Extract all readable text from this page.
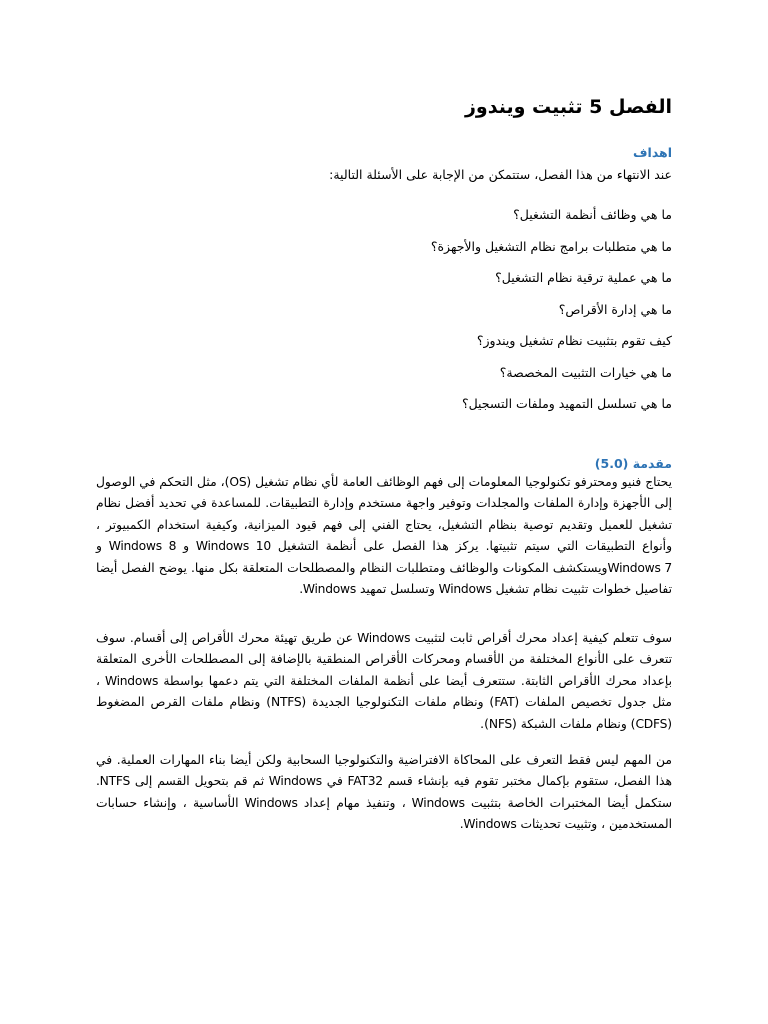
الفصل 5 تثبيت ويندوز
اهداف

عند الانتهاء من هذا الفصل، ستتمكن من الإجابة على الأسئلة التالية:

ما هي وظائف أنظمة التشغيل؟
ما هي متطلبات برامج نظام التشغيل والأجهزة؟
ما هي عملية ترقية نظام التشغيل؟
ما هي إدارة الأقراص؟
كيف تقوم بتثبيت نظام تشغيل ويندوز؟
ما هي خيارات التثبيت المخصصة؟
ما هي تسلسل التمهيد وملفات التسجيل؟
مقدمة (5.0)

يحتاج فنيو ومحترفو تكنولوجيا المعلومات إلى فهم الوظائف العامة لأي نظام تشغيل (OS)، مثل التحكم في الوصول إلى الأجهزة وإدارة الملفات والمجلدات وتوفير واجهة مستخدم وإدارة التطبيقات. للمساعدة في تحديد أفضل نظام تشغيل للعميل وتقديم توصية بنظام التشغيل، يحتاج الفني إلى فهم قيود الميزانية، وكيفية استخدام الكمبيوتر ، وأنواع التطبيقات التي سيتم تثبيتها. يركز هذا الفصل على أنظمة التشغيل Windows 10 و Windows 8 و Windows 7ويستكشف المكونات والوظائف ومتطلبات النظام والمصطلحات المتعلقة بكل منها. يوضح الفصل أيضا تفاصيل خطوات تثبيت نظام تشغيل Windows وتسلسل تمهيد Windows.

سوف تتعلم كيفية إعداد محرك أقراص ثابت لتثبيت Windows عن طريق تهيئة محرك الأقراص إلى أقسام. سوف تتعرف على الأنواع المختلفة من الأقسام ومحركات الأقراص المنطقية بالإضافة إلى المصطلحات الأخرى المتعلقة بإعداد محرك الأقراص الثابتة. ستتعرف أيضا على أنظمة الملفات المختلفة التي يتم دعمها بواسطة Windows ، مثل جدول تخصيص الملفات (FAT) ونظام ملفات التكنولوجيا الجديدة (NTFS) ونظام ملفات القرص المضغوط (CDFS) ونظام ملفات الشبكة (NFS).

من المهم ليس فقط التعرف على المحاكاة الافتراضية والتكنولوجيا السحابية ولكن أيضا بناء المهارات العملية. في هذا الفصل، ستقوم بإكمال مختبر تقوم فيه بإنشاء قسم FAT32 في Windows ثم قم بتحويل القسم إلى NTFS. ستكمل أيضا المختبرات الخاصة بتثبيت Windows ، وتنفيذ مهام إعداد Windows الأساسية ، وإنشاء حسابات المستخدمين ، وتثبيت تحديثات Windows.
